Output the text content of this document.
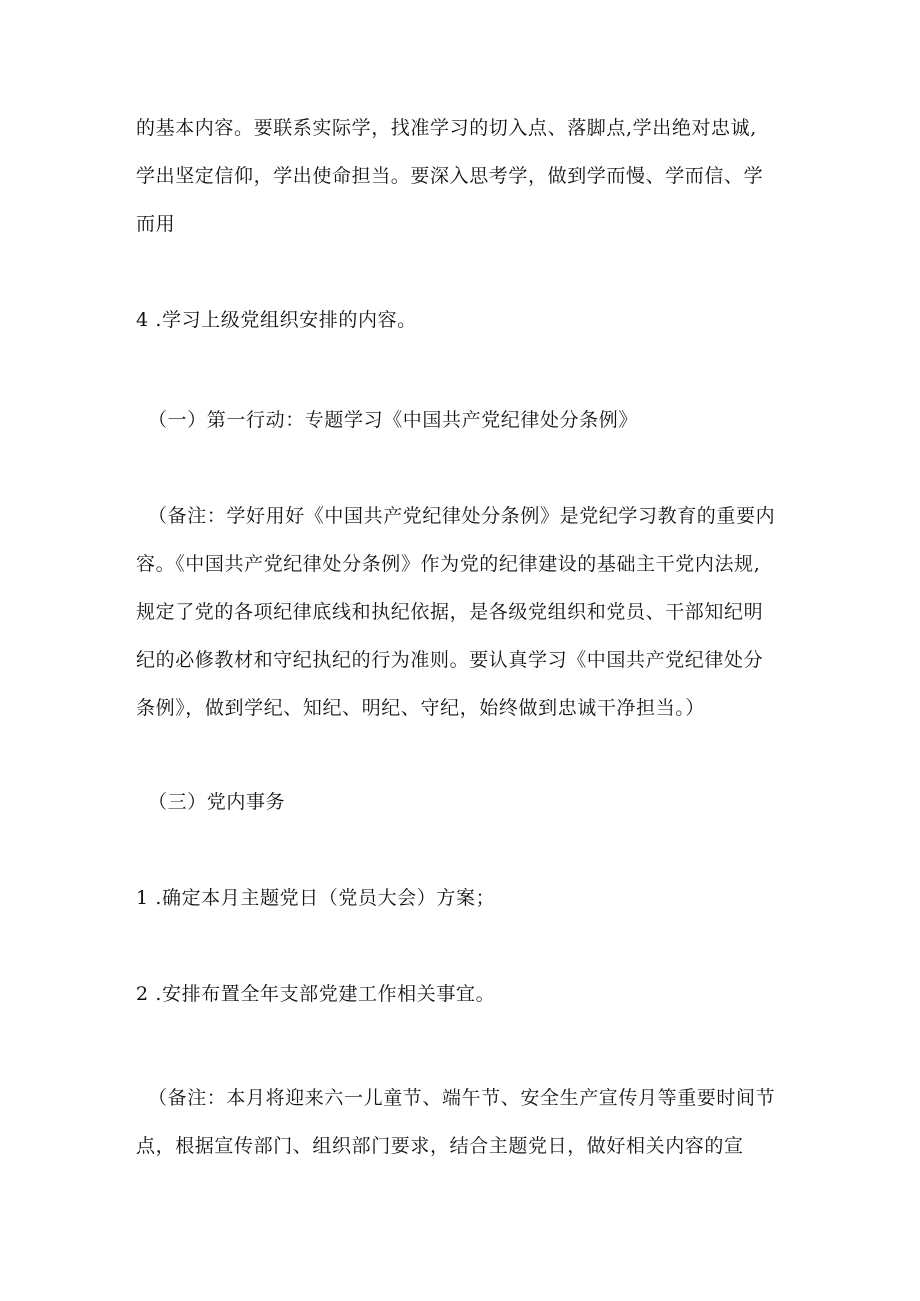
的基本内容。要联系实际学，找准学习的切入点、落脚点,学出绝对忠诚,
学出坚定信仰，学出使命担当。要深入思考学，做到学而慢、学而信、学
而用
4 .学习上级党组织安排的内容。
（一）第一行动：专题学习《中国共产党纪律处分条例》
（备注：学好用好《中国共产党纪律处分条例》是党纪学习教育的重要内
容。《中国共产党纪律处分条例》作为党的纪律建设的基础主干党内法规,
规定了党的各项纪律底线和执纪依据，是各级党组织和党员、干部知纪明
纪的必修教材和守纪执纪的行为准则。要认真学习《中国共产党纪律处分
条例》，做到学纪、知纪、明纪、守纪，始终做到忠诚干净担当。）
（三）党内事务
1 .确定本月主题党日（党员大会）方案；
2 .安排布置全年支部党建工作相关事宜。
（备注：本月将迎来六一儿童节、端午节、安全生产宣传月等重要时间节
点，根据宣传部门、组织部门要求，结合主题党日，做好相关内容的宣
